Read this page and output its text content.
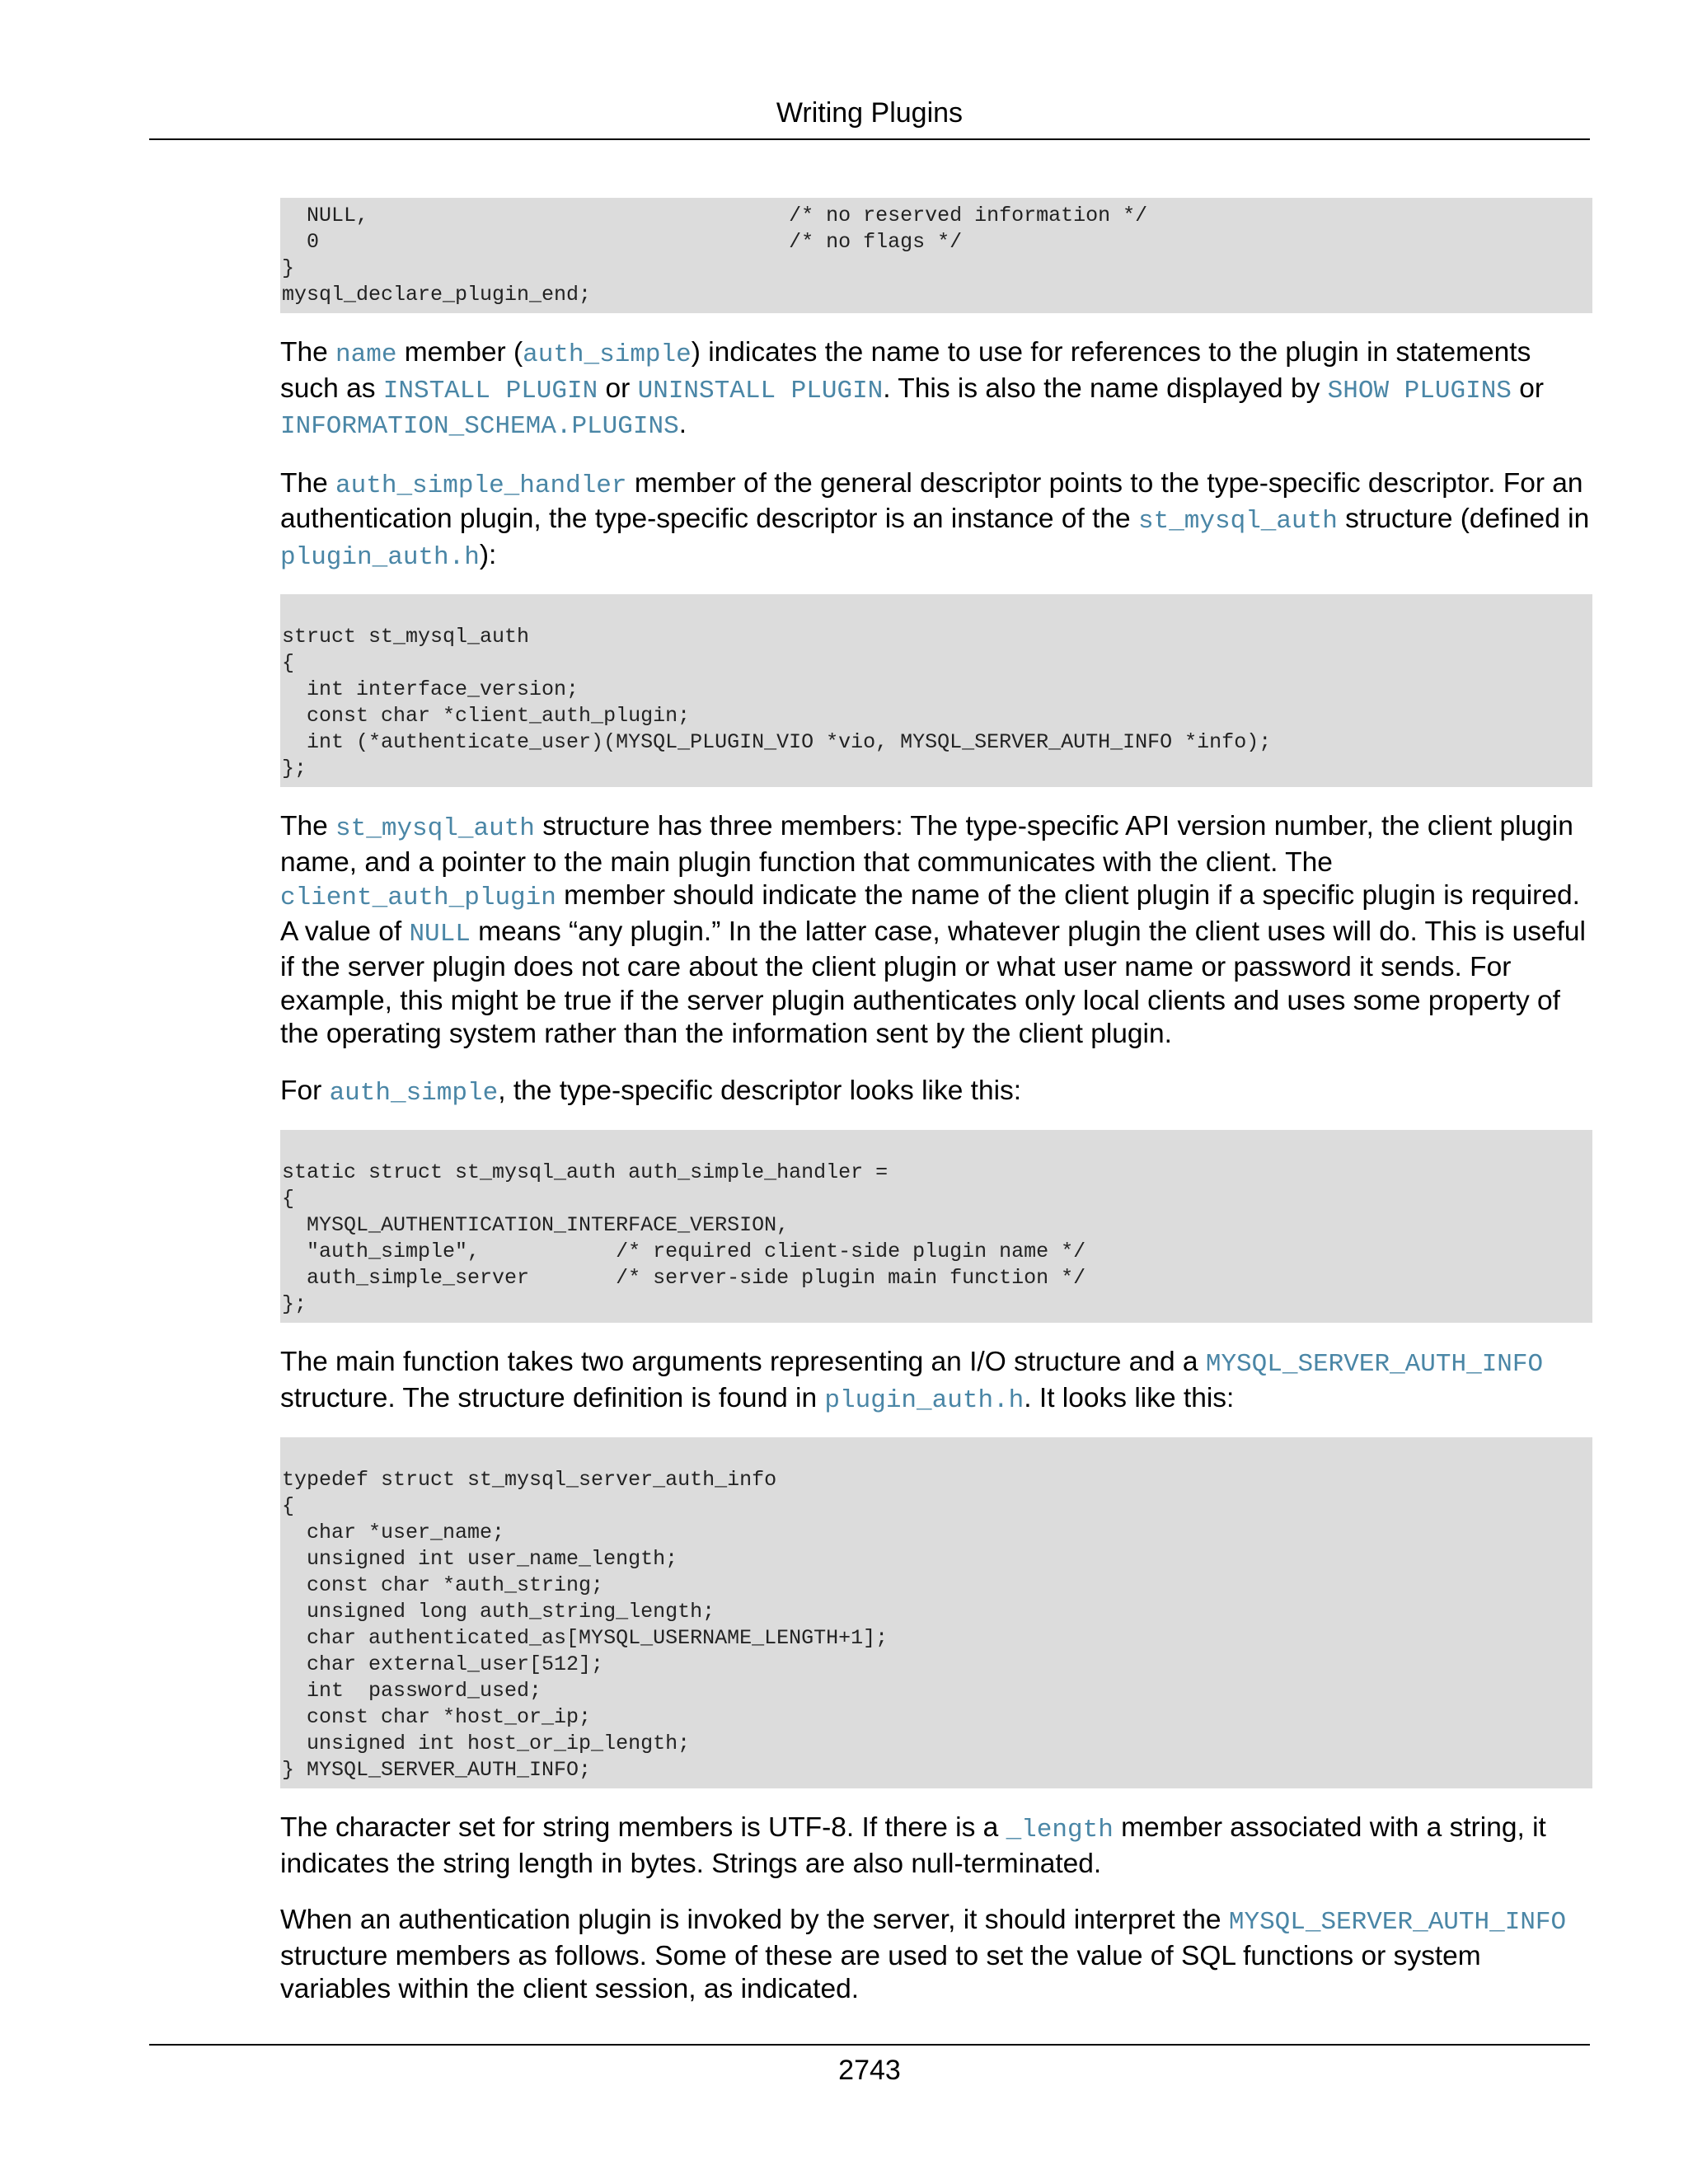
Writing Plugins
NULL,                                  /* no reserved information */
0                                      /* no flags */
}
mysql_declare_plugin_end;

The name member (auth_simple) indicates the name to use for references to the plugin in statements such as INSTALL PLUGIN or UNINSTALL PLUGIN. This is also the name displayed by SHOW PLUGINS or INFORMATION_SCHEMA.PLUGINS.

The auth_simple_handler member of the general descriptor points to the type-specific descriptor. For an authentication plugin, the type-specific descriptor is an instance of the st_mysql_auth structure (defined in plugin_auth.h):

struct st_mysql_auth
{
int interface_version;
const char *client_auth_plugin;
int (*authenticate_user)(MYSQL_PLUGIN_VIO *vio, MYSQL_SERVER_AUTH_INFO *info);
};

The st_mysql_auth structure has three members: The type-specific API version number, the client plugin name, and a pointer to the main plugin function that communicates with the client. The client_auth_plugin member should indicate the name of the client plugin if a specific plugin is required. A value of NULL means “any plugin.” In the latter case, whatever plugin the client uses will do. This is useful if the server plugin does not care about the client plugin or what user name or password it sends. For example, this might be true if the server plugin authenticates only local clients and uses some property of the operating system rather than the information sent by the client plugin.

For auth_simple, the type-specific descriptor looks like this:

static struct st_mysql_auth auth_simple_handler =
{
MYSQL_AUTHENTICATION_INTERFACE_VERSION,
"auth_simple",           /* required client-side plugin name */
auth_simple_server       /* server-side plugin main function */
};

The main function takes two arguments representing an I/O structure and a MYSQL_SERVER_AUTH_INFO structure. The structure definition is found in plugin_auth.h. It looks like this:

typedef struct st_mysql_server_auth_info
{
char *user_name;
unsigned int user_name_length;
const char *auth_string;
unsigned long auth_string_length;
char authenticated_as[MYSQL_USERNAME_LENGTH+1];
char external_user[512];
int  password_used;
const char *host_or_ip;
unsigned int host_or_ip_length;
} MYSQL_SERVER_AUTH_INFO;

The character set for string members is UTF-8. If there is a _length member associated with a string, it indicates the string length in bytes. Strings are also null-terminated.

When an authentication plugin is invoked by the server, it should interpret the MYSQL_SERVER_AUTH_INFO structure members as follows. Some of these are used to set the value of SQL functions or system variables within the client session, as indicated.

2743
